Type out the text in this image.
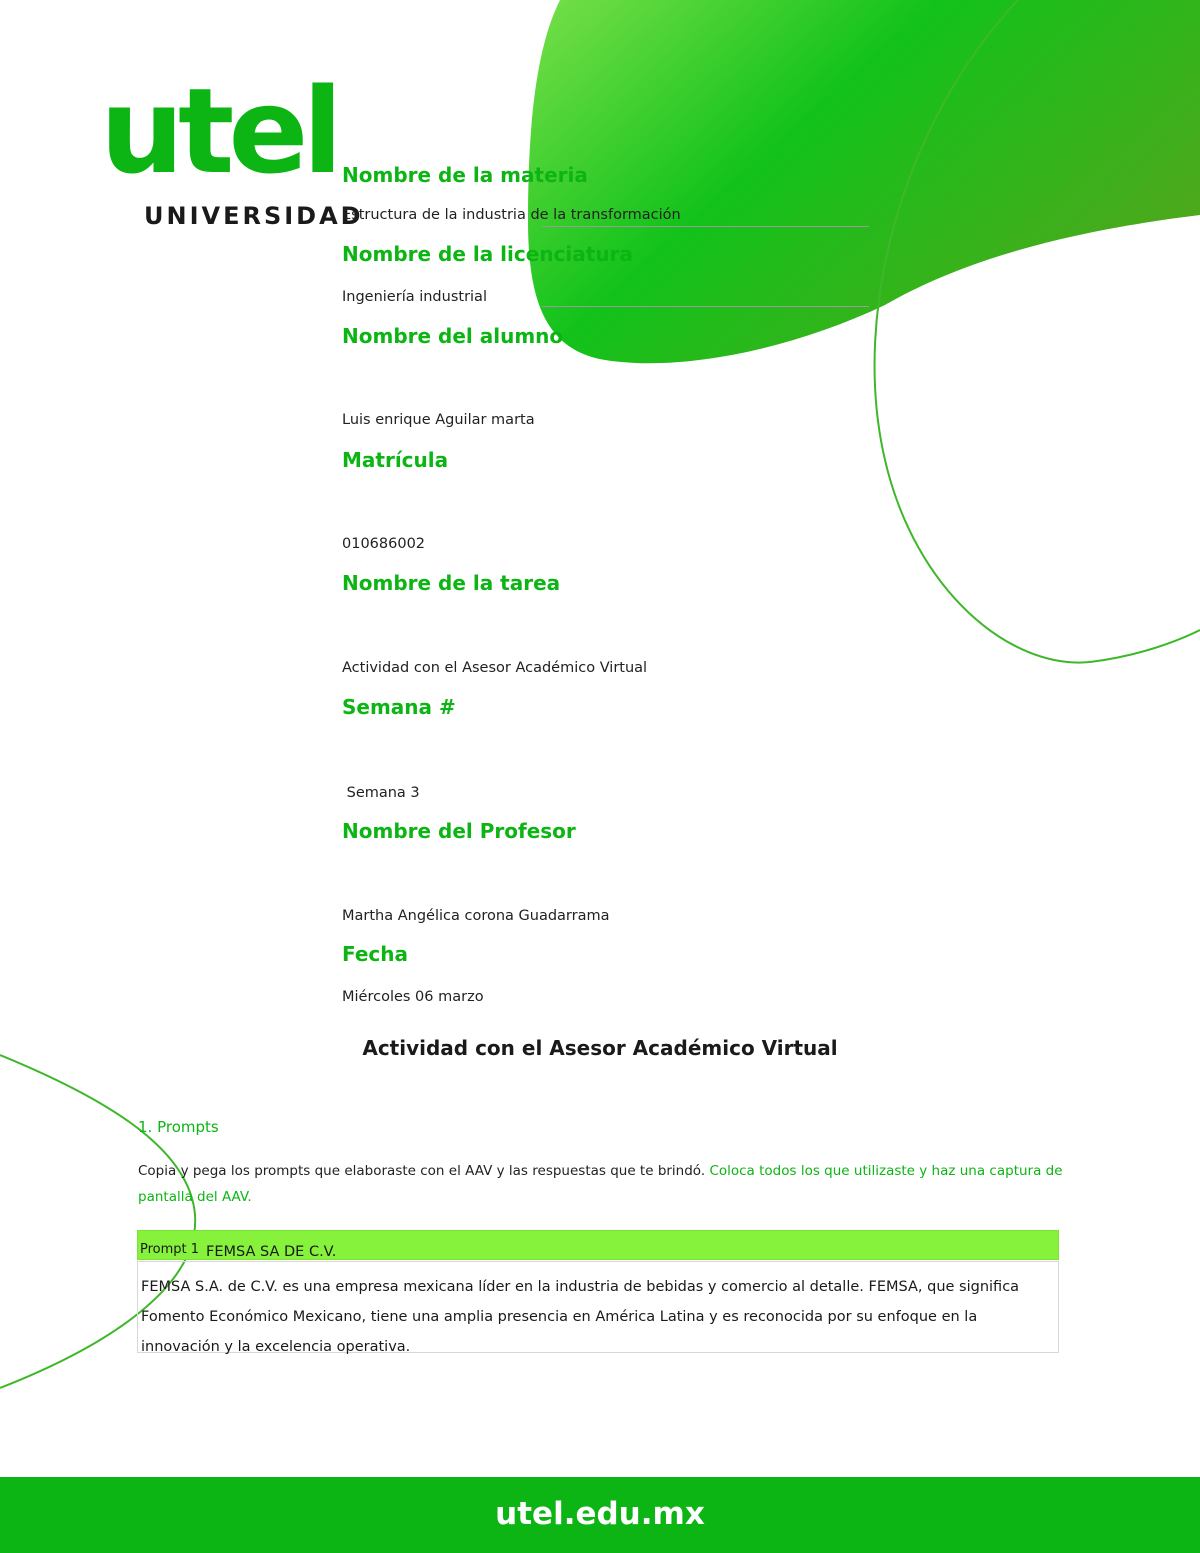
utel
UNIVERSIDAD
Nombre de la materia
Estructura de la industria de la transformación
Nombre de la licenciatura
Ingeniería industrial
Nombre del alumno
Luis enrique Aguilar marta
Matrícula
010686002
Nombre de la tarea
Actividad con el Asesor Académico Virtual
Semana #
Semana 3
Nombre del Profesor
Martha Angélica corona Guadarrama
Fecha
Miércoles 06 marzo
Actividad con el Asesor Académico Virtual
1. Prompts
Copia y pega los prompts que elaboraste con el AAV y las respuestas que te brindó. Coloca todos los que utilizaste y haz una captura de pantalla del AAV.
Prompt 1 FEMSA SA DE C.V.
FEMSA S.A. de C.V. es una empresa mexicana líder en la industria de bebidas y comercio al detalle. FEMSA, que significa Fomento Económico Mexicano, tiene una amplia presencia en América Latina y es reconocida por su enfoque en la innovación y la excelencia operativa.
utel.edu.mx
